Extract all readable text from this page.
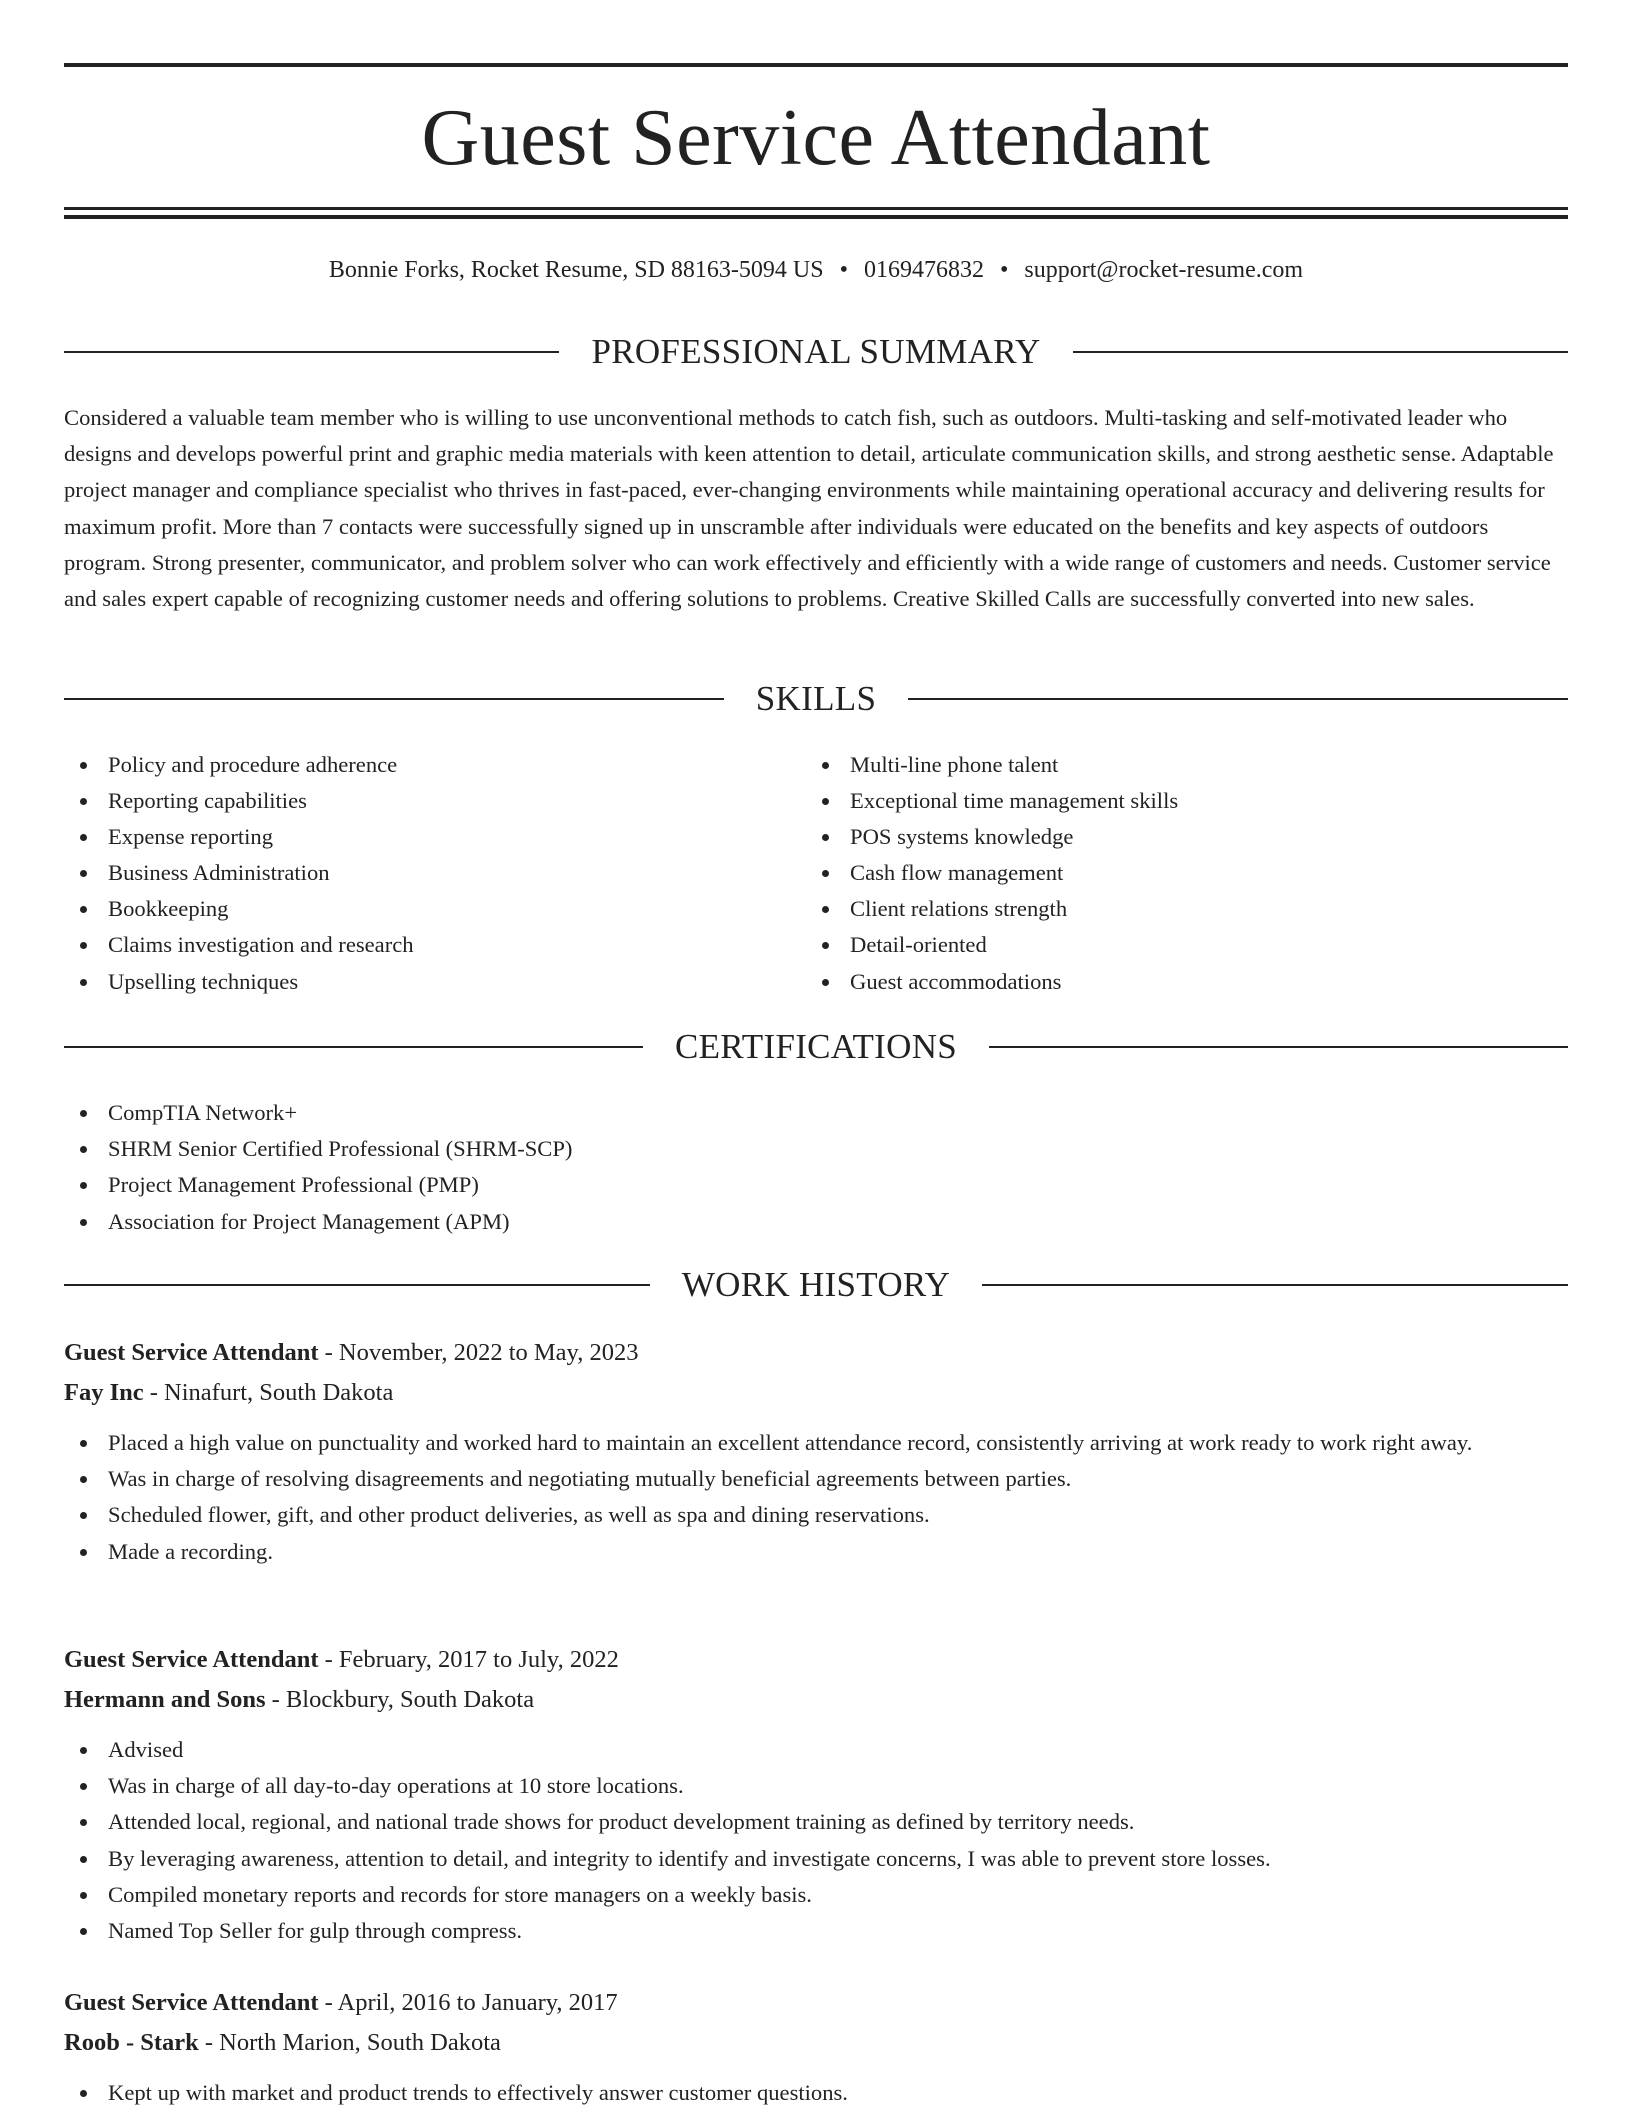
Guest Service Attendant
Bonnie Forks, Rocket Resume, SD 88163-5094 US • 0169476832 • support@rocket-resume.com
PROFESSIONAL SUMMARY

Considered a valuable team member who is willing to use unconventional methods to catch fish, such as outdoors. Multi-tasking and self-motivated leader who designs and develops powerful print and graphic media materials with keen attention to detail, articulate communication skills, and strong aesthetic sense. Adaptable project manager and compliance specialist who thrives in fast-paced, ever-changing environments while maintaining operational accuracy and delivering results for maximum profit. More than 7 contacts were successfully signed up in unscramble after individuals were educated on the benefits and key aspects of outdoors program. Strong presenter, communicator, and problem solver who can work effectively and efficiently with a wide range of customers and needs. Customer service and sales expert capable of recognizing customer needs and offering solutions to problems. Creative Skilled Calls are successfully converted into new sales.

SKILLS
Policy and procedure adherence
Reporting capabilities
Expense reporting
Business Administration
Bookkeeping
Claims investigation and research
Upselling techniques
Multi-line phone talent
Exceptional time management skills
POS systems knowledge
Cash flow management
Client relations strength
Detail-oriented
Guest accommodations
CERTIFICATIONS
CompTIA Network+
SHRM Senior Certified Professional (SHRM-SCP)
Project Management Professional (PMP)
Association for Project Management (APM)
WORK HISTORY
Guest Service Attendant - November, 2022 to May, 2023
Fay Inc - Ninafurt, South Dakota
Placed a high value on punctuality and worked hard to maintain an excellent attendance record, consistently arriving at work ready to work right away.
Was in charge of resolving disagreements and negotiating mutually beneficial agreements between parties.
Scheduled flower, gift, and other product deliveries, as well as spa and dining reservations.
Made a recording.
Guest Service Attendant - February, 2017 to July, 2022
Hermann and Sons - Blockbury, South Dakota
Advised
Was in charge of all day-to-day operations at 10 store locations.
Attended local, regional, and national trade shows for product development training as defined by territory needs.
By leveraging awareness, attention to detail, and integrity to identify and investigate concerns, I was able to prevent store losses.
Compiled monetary reports and records for store managers on a weekly basis.
Named Top Seller for gulp through compress.
Guest Service Attendant - April, 2016 to January, 2017
Roob - Stark - North Marion, South Dakota
Kept up with market and product trends to effectively answer customer questions.
